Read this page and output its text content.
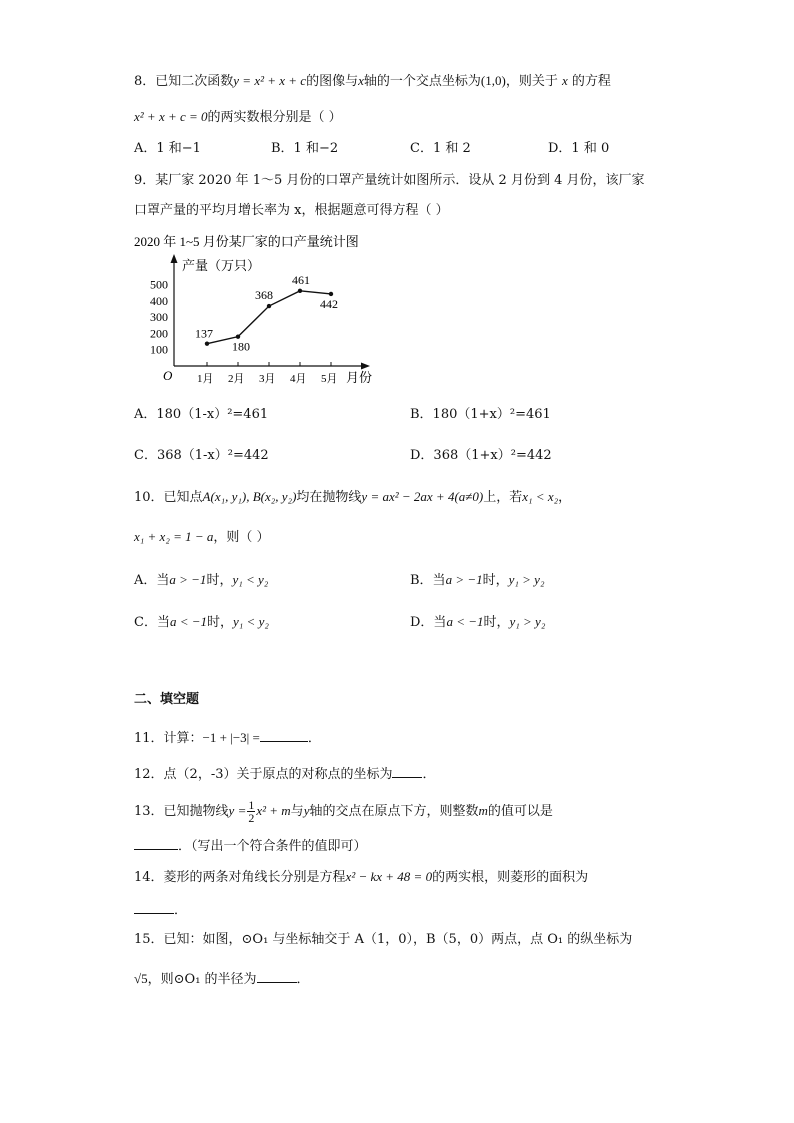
8．已知二次函数y = x² + x + c的图像与x轴的一个交点坐标为(1,0)，则关于 x 的方程
x² + x + c = 0的两实数根分别是（ ）
A．1 和−1	B．1 和−2	C．1 和 2	D．1 和 0
9．某厂家 2020 年 1～5 月份的口罩产量统计如图所示．设从 2 月份到 4 月份，该厂家
口罩产量的平均月增长率为 x，根据题意可得方程（ ）
2020 年 1~5 月份某厂家的口产量统计图
产量（万只）
月份
O
100
200
300
400
500
1月 2月 3月 4月 5月
137
180
368
461
442
A．180（1-x）²=461	B．180（1+x）²=461
C．368（1-x）²=442	D．368（1+x）²=442
10．已知点A(x₁, y₁), B(x₂, y₂)均在抛物线y = ax² − 2ax + 4(a≠0)上，若x₁ < x₂，
x₁ + x₂ = 1 − a，则（ ）
A．当a > −1时，y₁ < y₂	B．当a > −1时，y₁ > y₂
C．当a < −1时，y₁ < y₂	D．当a < −1时，y₁ > y₂
二、填空题
11．计算：−1 + |−3| =	．
12．点（2，-3）关于原点的对称点的坐标为 ．
13．已知抛物线$y = \frac{1}{2} x^2 + m$与y轴的交点在原点下方，则整数m的值可以是
．（写出一个符合条件的值即可）
14．菱形的两条对角线长分别是方程x² − kx + 48 = 0的两实根，则菱形的面积为
．
15．已知：如图，⊙O₁ 与坐标轴交于 A（1，0），B（5，0）两点，点 O₁ 的纵坐标为
√5，则⊙O₁ 的半径为	．
